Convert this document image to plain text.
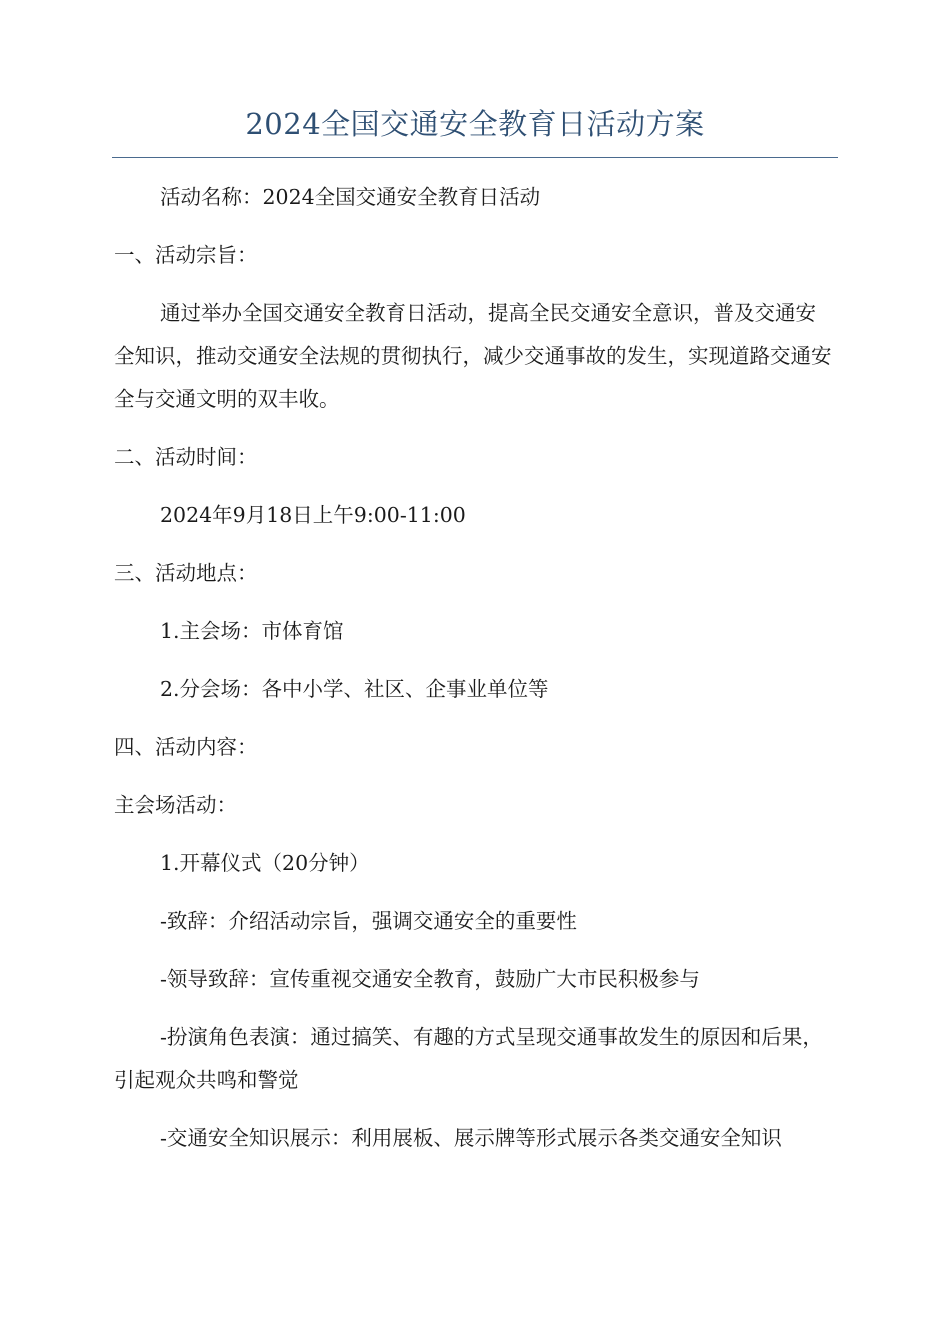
2024全国交通安全教育日活动方案

活动名称：2024全国交通安全教育日活动

一、活动宗旨：

通过举办全国交通安全教育日活动，提高全民交通安全意识，普及交通安全知识，推动交通安全法规的贯彻执行，减少交通事故的发生，实现道路交通安全与交通文明的双丰收。

二、活动时间：

2024年9月18日上午9:00-11:00

三、活动地点：

1.主会场：市体育馆

2.分会场：各中小学、社区、企事业单位等

四、活动内容：

主会场活动：

1.开幕仪式（20分钟）

-致辞：介绍活动宗旨，强调交通安全的重要性

-领导致辞：宣传重视交通安全教育，鼓励广大市民积极参与

-扮演角色表演：通过搞笑、有趣的方式呈现交通事故发生的原因和后果，引起观众共鸣和警觉

-交通安全知识展示：利用展板、展示牌等形式展示各类交通安全知识
